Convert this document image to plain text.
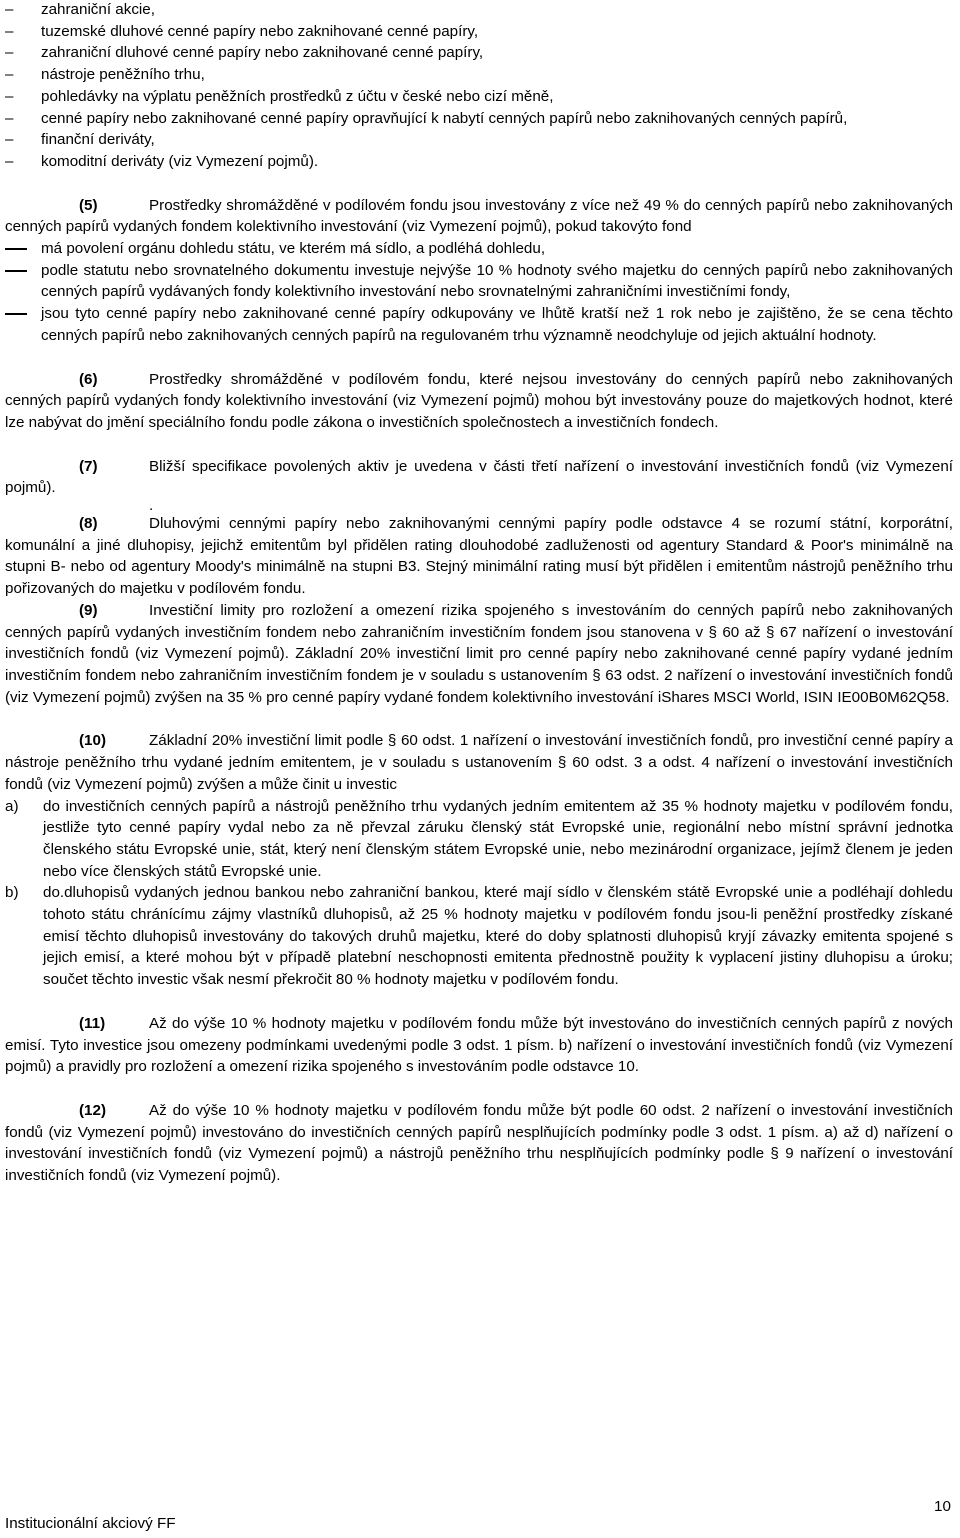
– zahraniční akcie,
– tuzemské dluhové cenné papíry nebo zaknihované cenné papíry,
– zahraniční dluhové cenné papíry nebo zaknihované cenné papíry,
– nástroje peněžního trhu,
– pohledávky na výplatu peněžních prostředků z účtu v české nebo cizí měně,
– cenné papíry nebo zaknihované cenné papíry opravňující k nabytí cenných papírů nebo zaknihovaných cenných papírů,
– finanční deriváty,
– komoditní deriváty (viz Vymezení pojmů).

(5)	Prostředky shromážděné v podílovém fondu jsou investovány z více než 49 % do cenných papírů nebo zaknihovaných cenných papírů vydaných fondem kolektivního investování (viz Vymezení pojmů), pokud takovýto fond

má povolení orgánu dohledu státu, ve kterém má sídlo, a podléhá dohledu,
podle statutu nebo srovnatelného dokumentu investuje nejvýše 10 % hodnoty svého majetku do cenných papírů nebo zaknihovaných cenných papírů vydávaných fondy kolektivního investování nebo srovnatelnými zahraničními investičními fondy,
jsou tyto cenné papíry nebo zaknihované cenné papíry odkupovány ve lhůtě kratší než 1 rok nebo je zajištěno, že se cena těchto cenných papírů nebo zaknihovaných cenných papírů na regulovaném trhu významně neodchyluje od jejich aktuální hodnoty.

(6)	Prostředky shromážděné v podílovém fondu, které nejsou investovány do cenných papírů nebo zaknihovaných cenných papírů vydaných fondy kolektivního investování (viz Vymezení pojmů) mohou být investovány pouze do majetkových hodnot, které lze nabývat do jmění speciálního fondu podle zákona o investičních společnostech a investičních fondech.

(7)	Bližší specifikace povolených aktiv je uvedena v části třetí nařízení o investování investičních fondů (viz Vymezení pojmů).

.

(8)	Dluhovými cennými papíry nebo zaknihovanými cennými papíry podle odstavce 4 se rozumí státní, korporátní, komunální a jiné dluhopisy, jejichž emitentům byl přidělen rating dlouhodobé zadluženosti od agentury Standard & Poor's minimálně na stupni B- nebo od agentury Moody's minimálně na stupni B3. Stejný minimální rating musí být přidělen i emitentům nástrojů peněžního trhu pořizovaných do majetku v podílovém fondu.

(9)	Investiční limity pro rozložení a omezení rizika spojeného s investováním do cenných papírů nebo zaknihovaných cenných papírů vydaných investičním fondem nebo zahraničním investičním fondem jsou stanovena v § 60 až § 67 nařízení o investování investičních fondů (viz Vymezení pojmů). Základní 20% investiční limit pro cenné papíry nebo zaknihované cenné papíry vydané jedním investičním fondem nebo zahraničním investičním fondem je v souladu s ustanovením § 63 odst. 2 nařízení o investování investičních fondů (viz Vymezení pojmů) zvýšen na 35 % pro cenné papíry vydané fondem kolektivního investování iShares MSCI World, ISIN IE00B0M62Q58.

(10)	Základní 20% investiční limit podle § 60 odst. 1 nařízení o investování investičních fondů, pro investiční cenné papíry a nástroje peněžního trhu vydané jedním emitentem, je v souladu s ustanovením § 60 odst. 3 a odst. 4 nařízení o investování investičních fondů (viz Vymezení pojmů) zvýšen a může činit u investic

a) do investičních cenných papírů a nástrojů peněžního trhu vydaných jedním emitentem až 35 % hodnoty majetku v podílovém fondu, jestliže tyto cenné papíry vydal nebo za ně převzal záruku členský stát Evropské unie, regionální nebo místní správní jednotka členského státu Evropské unie, stát, který není členským státem Evropské unie, nebo mezinárodní organizace, jejímž členem je jeden nebo více členských států Evropské unie.
b) do.dluhopisů vydaných jednou bankou nebo zahraniční bankou, které mají sídlo v členském státě Evropské unie a podléhají dohledu tohoto státu chránícímu zájmy vlastníků dluhopisů, až 25 % hodnoty majetku v podílovém fondu jsou-li peněžní prostředky získané emisí těchto dluhopisů investovány do takových druhů majetku, které do doby splatnosti dluhopisů kryjí závazky emitenta spojené s jejich emisí, a které mohou být v případě platební neschopnosti emitenta přednostně použity k vyplacení jistiny dluhopisu a úroku; součet těchto investic však nesmí překročit 80 % hodnoty majetku v podílovém fondu.

(11)	Až do výše 10 % hodnoty majetku v podílovém fondu může být investováno do investičních cenných papírů z nových emisí. Tyto investice jsou omezeny podmínkami uvedenými podle 3 odst. 1 písm. b) nařízení o investování investičních fondů (viz Vymezení pojmů) a pravidly pro rozložení a omezení rizika spojeného s investováním podle odstavce 10.

(12)	Až do výše 10 % hodnoty majetku v podílovém fondu může být podle 60 odst. 2 nařízení o investování investičních fondů (viz Vymezení pojmů) investováno do investičních cenných papírů nesplňujících podmínky podle 3 odst. 1 písm. a) až d) nařízení o investování investičních fondů (viz Vymezení pojmů) a nástrojů peněžního trhu nesplňujících podmínky podle § 9 nařízení o investování investičních fondů (viz Vymezení pojmů).

Institucionální akciový FF
10
